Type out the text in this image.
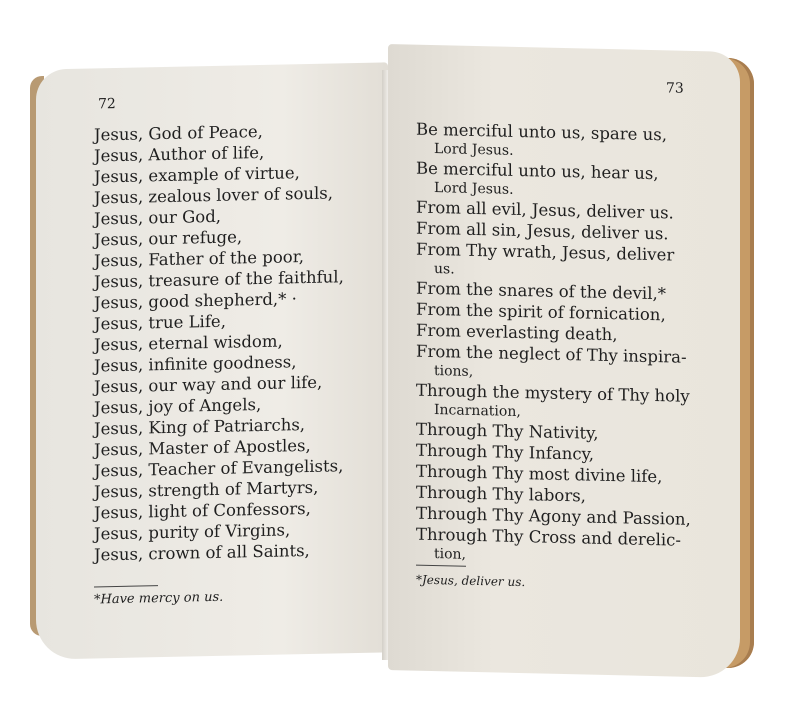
72
Jesus, God of Peace,
Jesus, Author of life,
Jesus, example of virtue,
Jesus, zealous lover of souls,
Jesus, our God,
Jesus, our refuge,
Jesus, Father of the poor,
Jesus, treasure of the faithful,
Jesus, good shepherd,* ·
Jesus, true Life,
Jesus, eternal wisdom,
Jesus, infinite goodness,
Jesus, our way and our life,
Jesus, joy of Angels,
Jesus, King of Patriarchs,
Jesus, Master of Apostles,
Jesus, Teacher of Evangelists,
Jesus, strength of Martyrs,
Jesus, light of Confessors,
Jesus, purity of Virgins,
Jesus, crown of all Saints,
*Have mercy on us.
73
Be merciful unto us, spare us,
Lord Jesus.
Be merciful unto us, hear us,
Lord Jesus.
From all evil, Jesus, deliver us.
From all sin, Jesus, deliver us.
From Thy wrath, Jesus, deliver
us.
From the snares of the devil,*
From the spirit of fornication,
From everlasting death,
From the neglect of Thy inspira-
tions,
Through the mystery of Thy holy
Incarnation,
Through Thy Nativity,
Through Thy Infancy,
Through Thy most divine life,
Through Thy labors,
Through Thy Agony and Passion,
Through Thy Cross and derelic-
tion,
*Jesus, deliver us.
